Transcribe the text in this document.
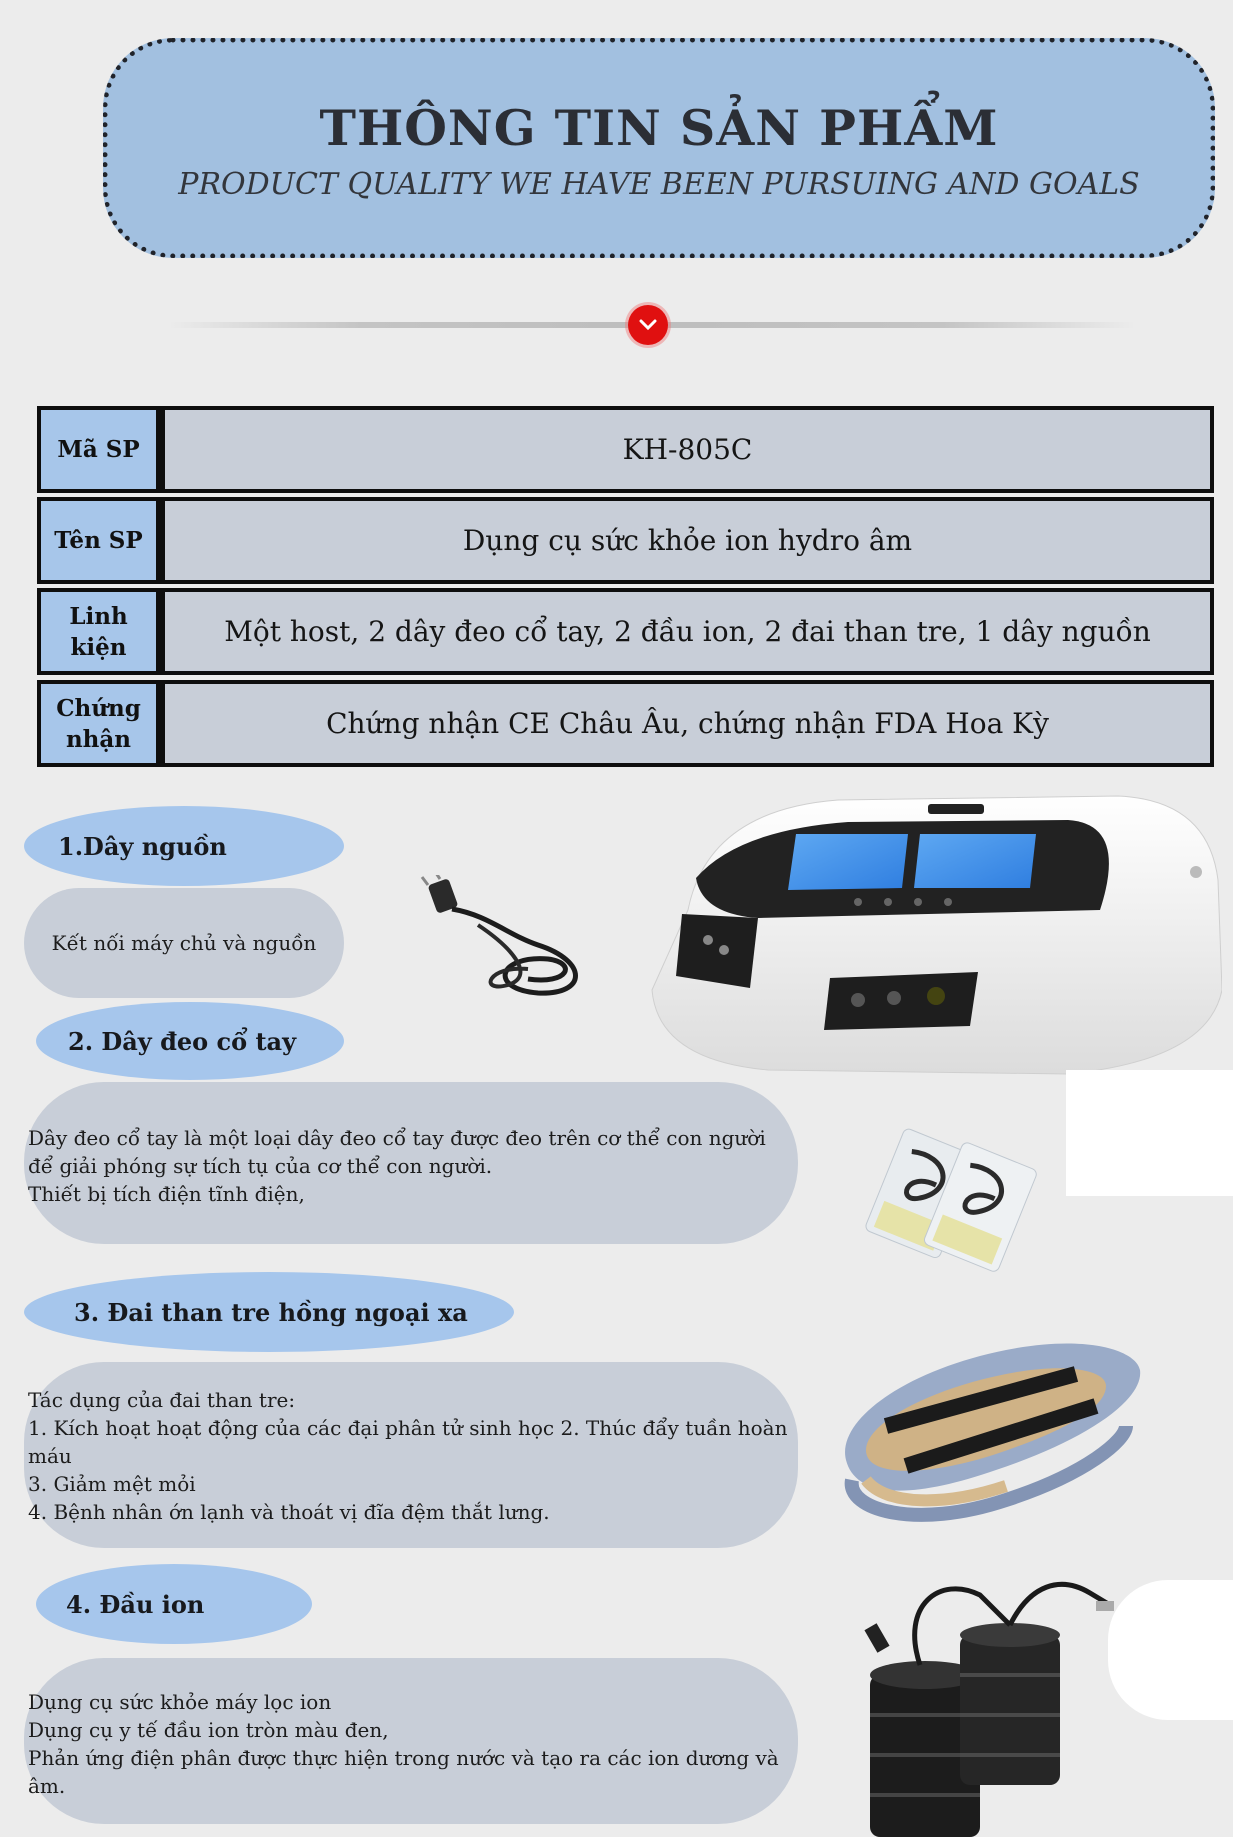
THÔNG TIN SẢN PHẨM
PRODUCT QUALITY WE HAVE BEEN PURSUING AND GOALS
Mã SP	KH-805C
Tên SP	Dụng cụ sức khỏe ion hydro âm
Linh kiện	Một host, 2 dây đeo cổ tay, 2 đầu ion, 2 đai than tre, 1 dây nguồn
Chứng nhận	Chứng nhận CE Châu Âu, chứng nhận FDA Hoa Kỳ
1.Dây nguồn
Kết nối máy chủ và nguồn
2. Dây đeo cổ tay
Dây đeo cổ tay là một loại dây đeo cổ tay được đeo trên cơ thể con người
để giải phóng sự tích tụ của cơ thể con người.
Thiết bị tích điện tĩnh điện,
3. Đai than tre hồng ngoại xa
Tác dụng của đai than tre:
1. Kích hoạt hoạt động của các đại phân tử sinh học 2. Thúc đẩy tuần hoàn
máu
3. Giảm mệt mỏi
4. Bệnh nhân ớn lạnh và thoát vị đĩa đệm thắt lưng.
4. Đầu ion
Dụng cụ sức khỏe máy lọc ion
Dụng cụ y tế đầu ion tròn màu đen,
Phản ứng điện phân được thực hiện trong nước và tạo ra các ion dương và
âm.
